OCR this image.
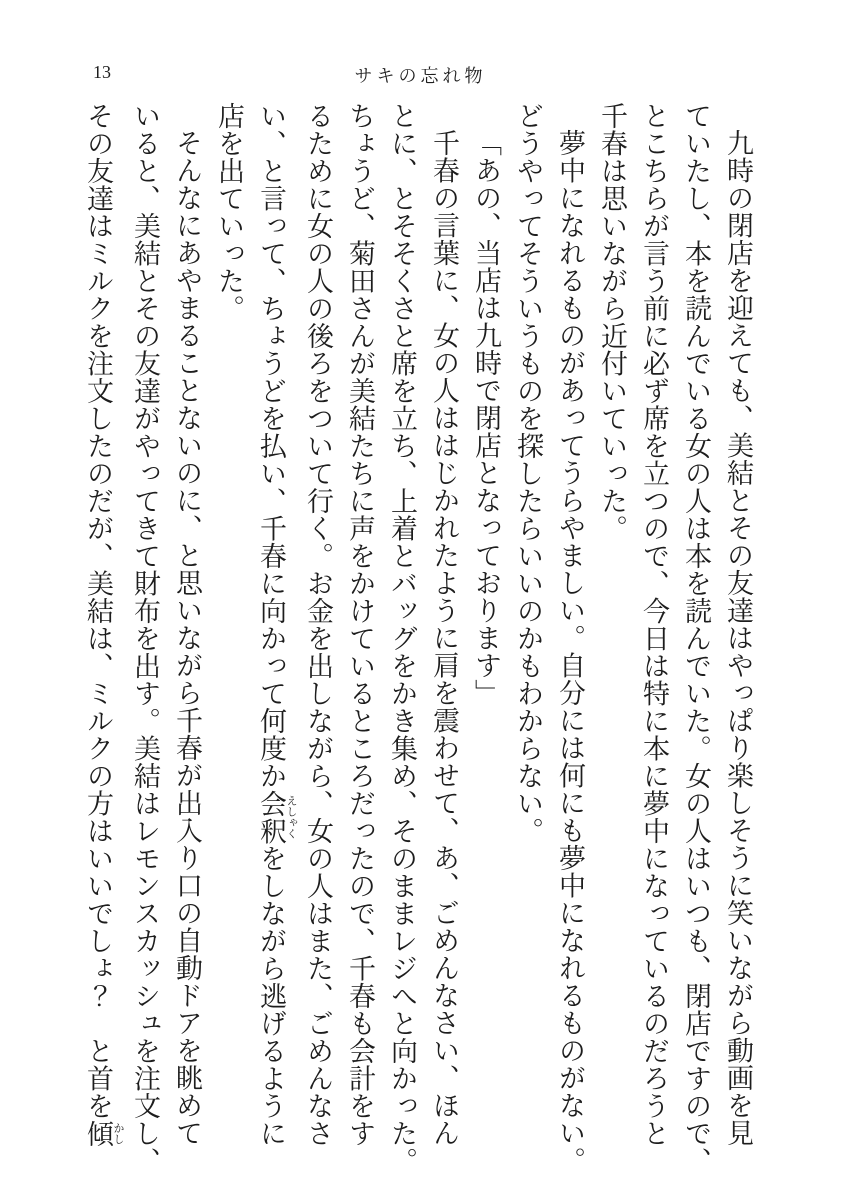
13	サキの忘れ物
九時の閉店を迎えても、美結とその友達はやっぱり楽しそうに笑いながら動画を見
ていたし、本を読んでいる女の人は本を読んでいた。女の人はいつも、閉店ですので、
とこちらが言う前に必ず席を立つので、今日は特に本に夢中になっているのだろうと
千春は思いながら近付いていった。
夢中になれるものがあってうらやましい。自分には何にも夢中になれるものがない。
どうやってそういうものを探したらいいのかもわからない。
「あの、当店は九時で閉店となっております」
千春の言葉に、女の人ははじかれたように肩を震わせて、あ、ごめんなさい、ほん
とに、とそそくさと席を立ち、上着とバッグをかき集め、そのままレジへと向かった。
ちょうど、菊田さんが美結たちに声をかけているところだったので、千春も会計をす
るために女の人の後ろをついて行く。お金を出しながら、女の人はまた、ごめんなさ
い、と言って、ちょうどを払い、千春に向かって何度か会釈 えしゃくをしながら逃げるように
店を出ていった。
そんなにあやまることないのに、と思いながら千春が出入り口の自動ドアを眺めて
いると、美結とその友達がやってきて財布を出す。美結はレモンスカッシュを注文し、
その友達はミルクを注文したのだが、美結は、ミルクの方はいいでしょ？　と首を傾 かし
